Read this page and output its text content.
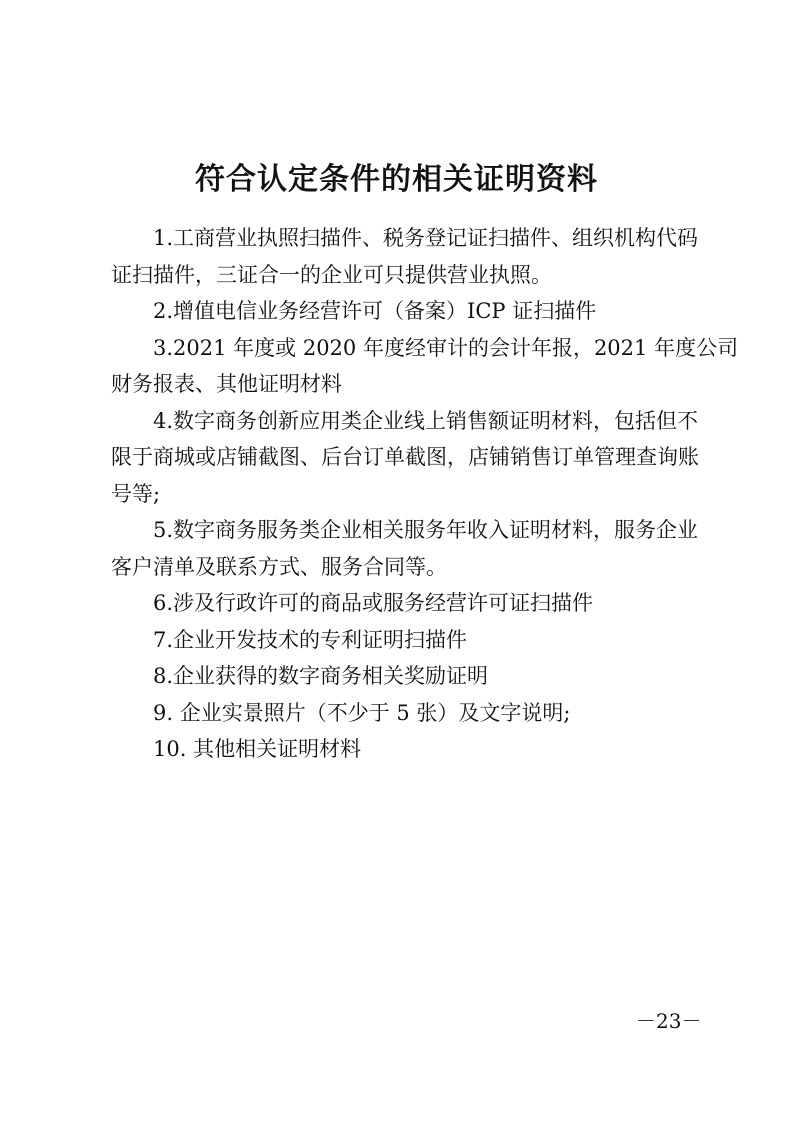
符合认定条件的相关证明资料

1.工商营业执照扫描件、税务登记证扫描件、组织机构代码
证扫描件，三证合一的企业可只提供营业执照。

2.增值电信业务经营许可（备案）ICP 证扫描件

3.2021 年度或 2020 年度经审计的会计年报，2021 年度公司
财务报表、其他证明材料

4.数字商务创新应用类企业线上销售额证明材料，包括但不
限于商城或店铺截图、后台订单截图，店铺销售订单管理查询账
号等;

5.数字商务服务类企业相关服务年收入证明材料，服务企业
客户清单及联系方式、服务合同等。

6.涉及行政许可的商品或服务经营许可证扫描件

7.企业开发技术的专利证明扫描件

8.企业获得的数字商务相关奖励证明

9. 企业实景照片（不少于 5 张）及文字说明;

10. 其他相关证明材料

－23－
